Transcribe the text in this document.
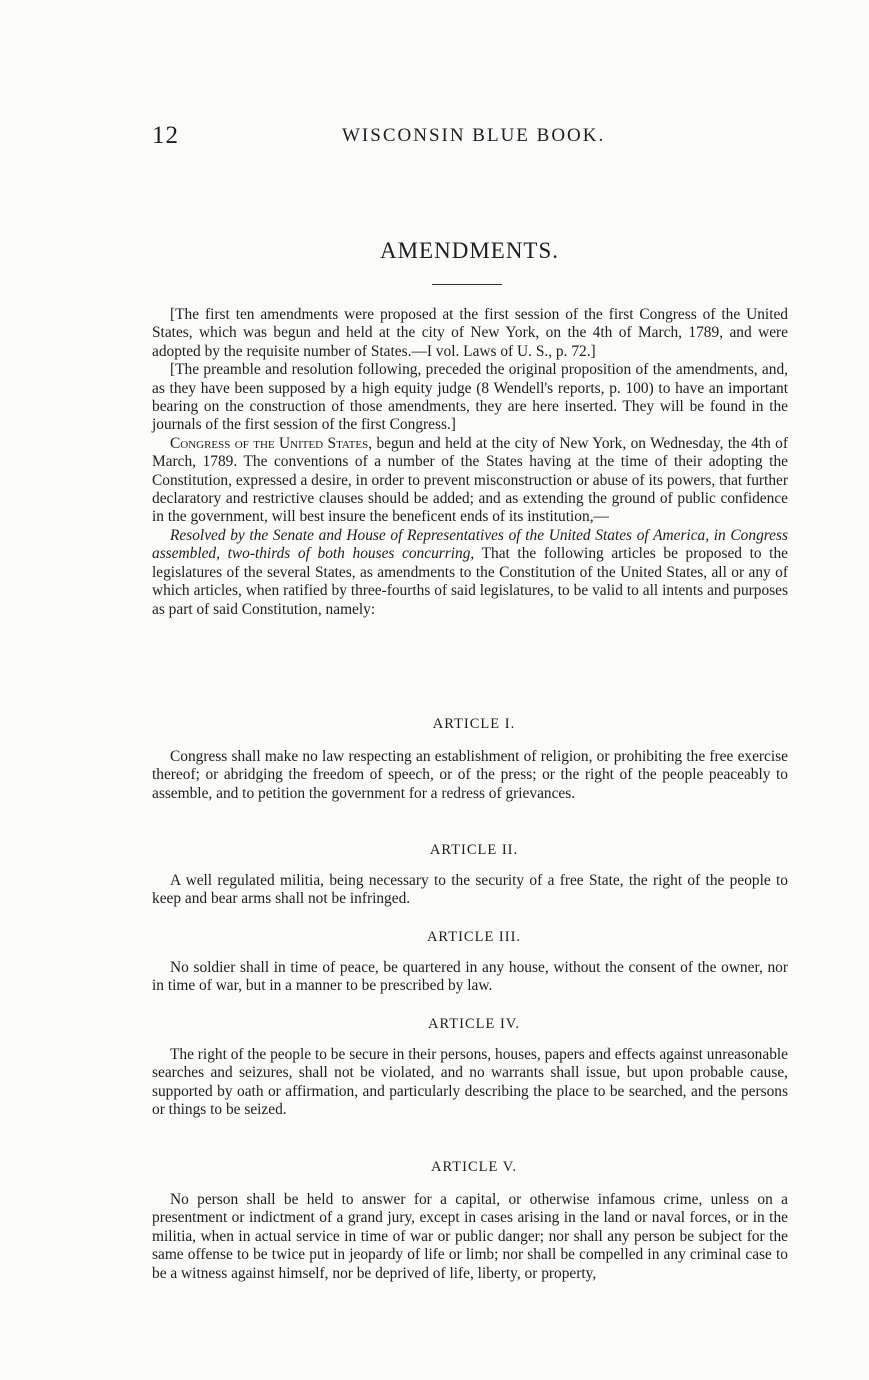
12	WISCONSIN BLUE BOOK.
AMENDMENTS.

[The first ten amendments were proposed at the first session of the first Congress of the United States, which was begun and held at the city of New York, on the 4th of March, 1789, and were adopted by the requisite number of States.—I vol. Laws of U. S., p. 72.]

[The preamble and resolution following, preceded the original proposition of the amendments, and, as they have been supposed by a high equity judge (8 Wendell's reports, p. 100) to have an important bearing on the construction of those amendments, they are here inserted. They will be found in the journals of the first session of the first Congress.]

Congress of the United States, begun and held at the city of New York, on Wednesday, the 4th of March, 1789. The conventions of a number of the States having at the time of their adopting the Constitution, expressed a desire, in order to prevent misconstruction or abuse of its powers, that further declaratory and restrictive clauses should be added; and as extending the ground of public confidence in the government, will best insure the beneficent ends of its institution,—

Resolved by the Senate and House of Representatives of the United States of America, in Congress assembled, two-thirds of both houses concurring, That the following articles be proposed to the legislatures of the several States, as amendments to the Constitution of the United States, all or any of which articles, when ratified by three-fourths of said legislatures, to be valid to all intents and purposes as part of said Constitution, namely:

ARTICLE I.

Congress shall make no law respecting an establishment of religion, or prohibiting the free exercise thereof; or abridging the freedom of speech, or of the press; or the right of the people peaceably to assemble, and to petition the government for a redress of grievances.

ARTICLE II.

A well regulated militia, being necessary to the security of a free State, the right of the people to keep and bear arms shall not be infringed.

ARTICLE III.

No soldier shall in time of peace, be quartered in any house, without the consent of the owner, nor in time of war, but in a manner to be prescribed by law.

ARTICLE IV.

The right of the people to be secure in their persons, houses, papers and effects against unreasonable searches and seizures, shall not be violated, and no warrants shall issue, but upon probable cause, supported by oath or affirmation, and particularly describing the place to be searched, and the persons or things to be seized.

ARTICLE V.

No person shall be held to answer for a capital, or otherwise infamous crime, unless on a presentment or indictment of a grand jury, except in cases arising in the land or naval forces, or in the militia, when in actual service in time of war or public danger; nor shall any person be subject for the same offense to be twice put in jeopardy of life or limb; nor shall be compelled in any criminal case to be a witness against himself, nor be deprived of life, liberty, or property,
